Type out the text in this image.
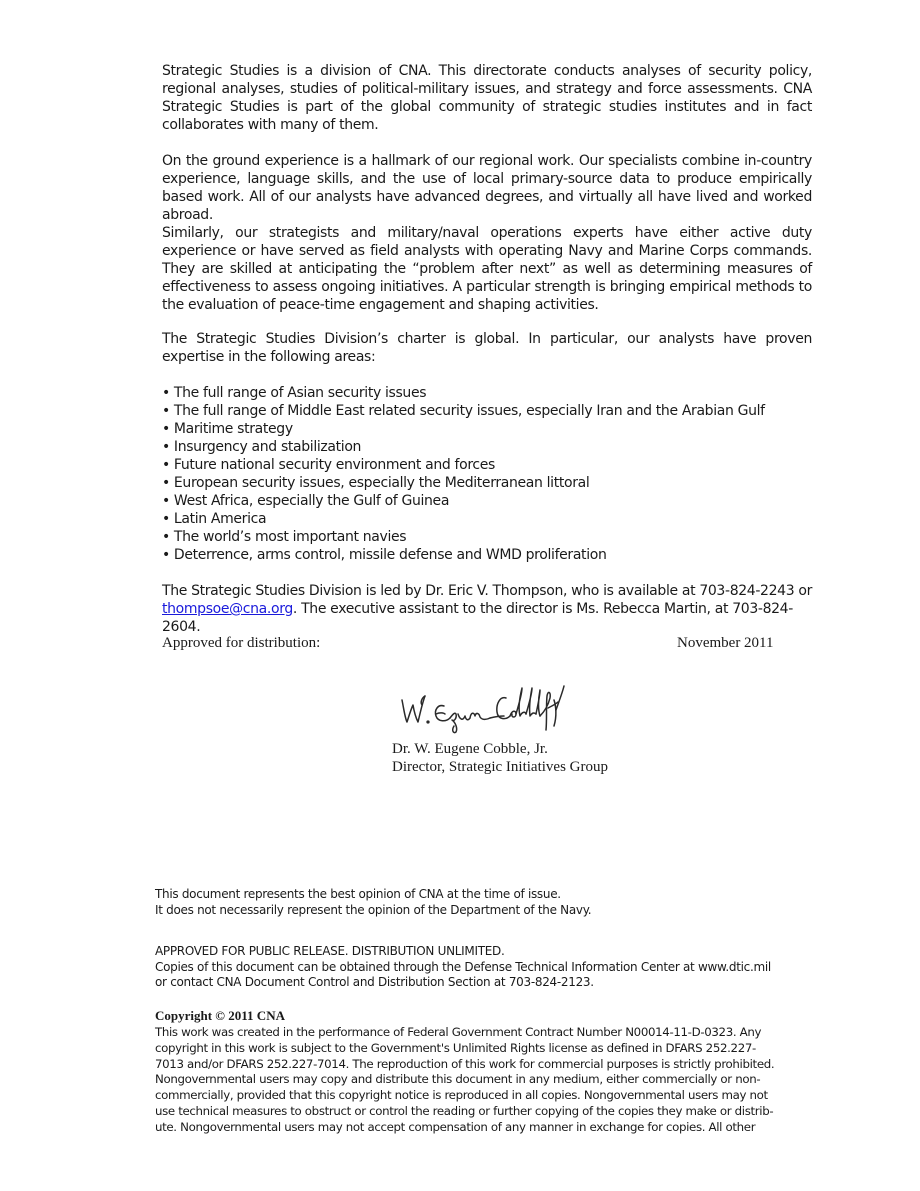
Strategic Studies is a division of CNA. This directorate conducts analyses of security policy, regional analyses, studies of political-military issues, and strategy and force assessments. CNA Strategic Studies is part of the global community of strategic studies institutes and in fact collaborates with many of them.

On the ground experience is a hallmark of our regional work. Our specialists combine in-country experience, language skills, and the use of local primary-source data to produce empirically based work. All of our analysts have advanced degrees, and virtually all have lived and worked abroad.

Similarly, our strategists and military/naval operations experts have either active duty experience or have served as field analysts with operating Navy and Marine Corps commands. They are skilled at anticipating the “problem after next” as well as determining measures of effectiveness to assess ongoing initiatives. A particular strength is bringing empirical methods to the evaluation of peace-time engagement and shaping activities.

The Strategic Studies Division’s charter is global. In particular, our analysts have proven expertise in the following areas:

• The full range of Asian security issues
• The full range of Middle East related security issues, especially Iran and the Arabian Gulf
• Maritime strategy
• Insurgency and stabilization
• Future national security environment and forces
• European security issues, especially the Mediterranean littoral
• West Africa, especially the Gulf of Guinea
• Latin America
• The world’s most important navies
• Deterrence, arms control, missile defense and WMD proliferation

The Strategic Studies Division is led by Dr. Eric V. Thompson, who is available at 703-824-2243 or thompsoe@cna.org. The executive assistant to the director is Ms. Rebecca Martin, at 703-824-2604.

Approved for distribution:	November 2011
Dr. W. Eugene Cobble, Jr.
Director, Strategic Initiatives Group
This document represents the best opinion of CNA at the time of issue.
It does not necessarily represent the opinion of the Department of the Navy.
APPROVED FOR PUBLIC RELEASE. DISTRIBUTION UNLIMITED.
Copies of this document can be obtained through the Defense Technical Information Center at www.dtic.mil
or contact CNA Document Control and Distribution Section at 703-824-2123.
Copyright © 2011 CNA
This work was created in the performance of Federal Government Contract Number N00014-11-D-0323. Any
copyright in this work is subject to the Government's Unlimited Rights license as defined in DFARS 252.227-
7013 and/or DFARS 252.227-7014. The reproduction of this work for commercial purposes is strictly prohibited.
Nongovernmental users may copy and distribute this document in any medium, either commercially or non-
commercially, provided that this copyright notice is reproduced in all copies. Nongovernmental users may not
use technical measures to obstruct or control the reading or further copying of the copies they make or distrib-
ute. Nongovernmental users may not accept compensation of any manner in exchange for copies. All other
